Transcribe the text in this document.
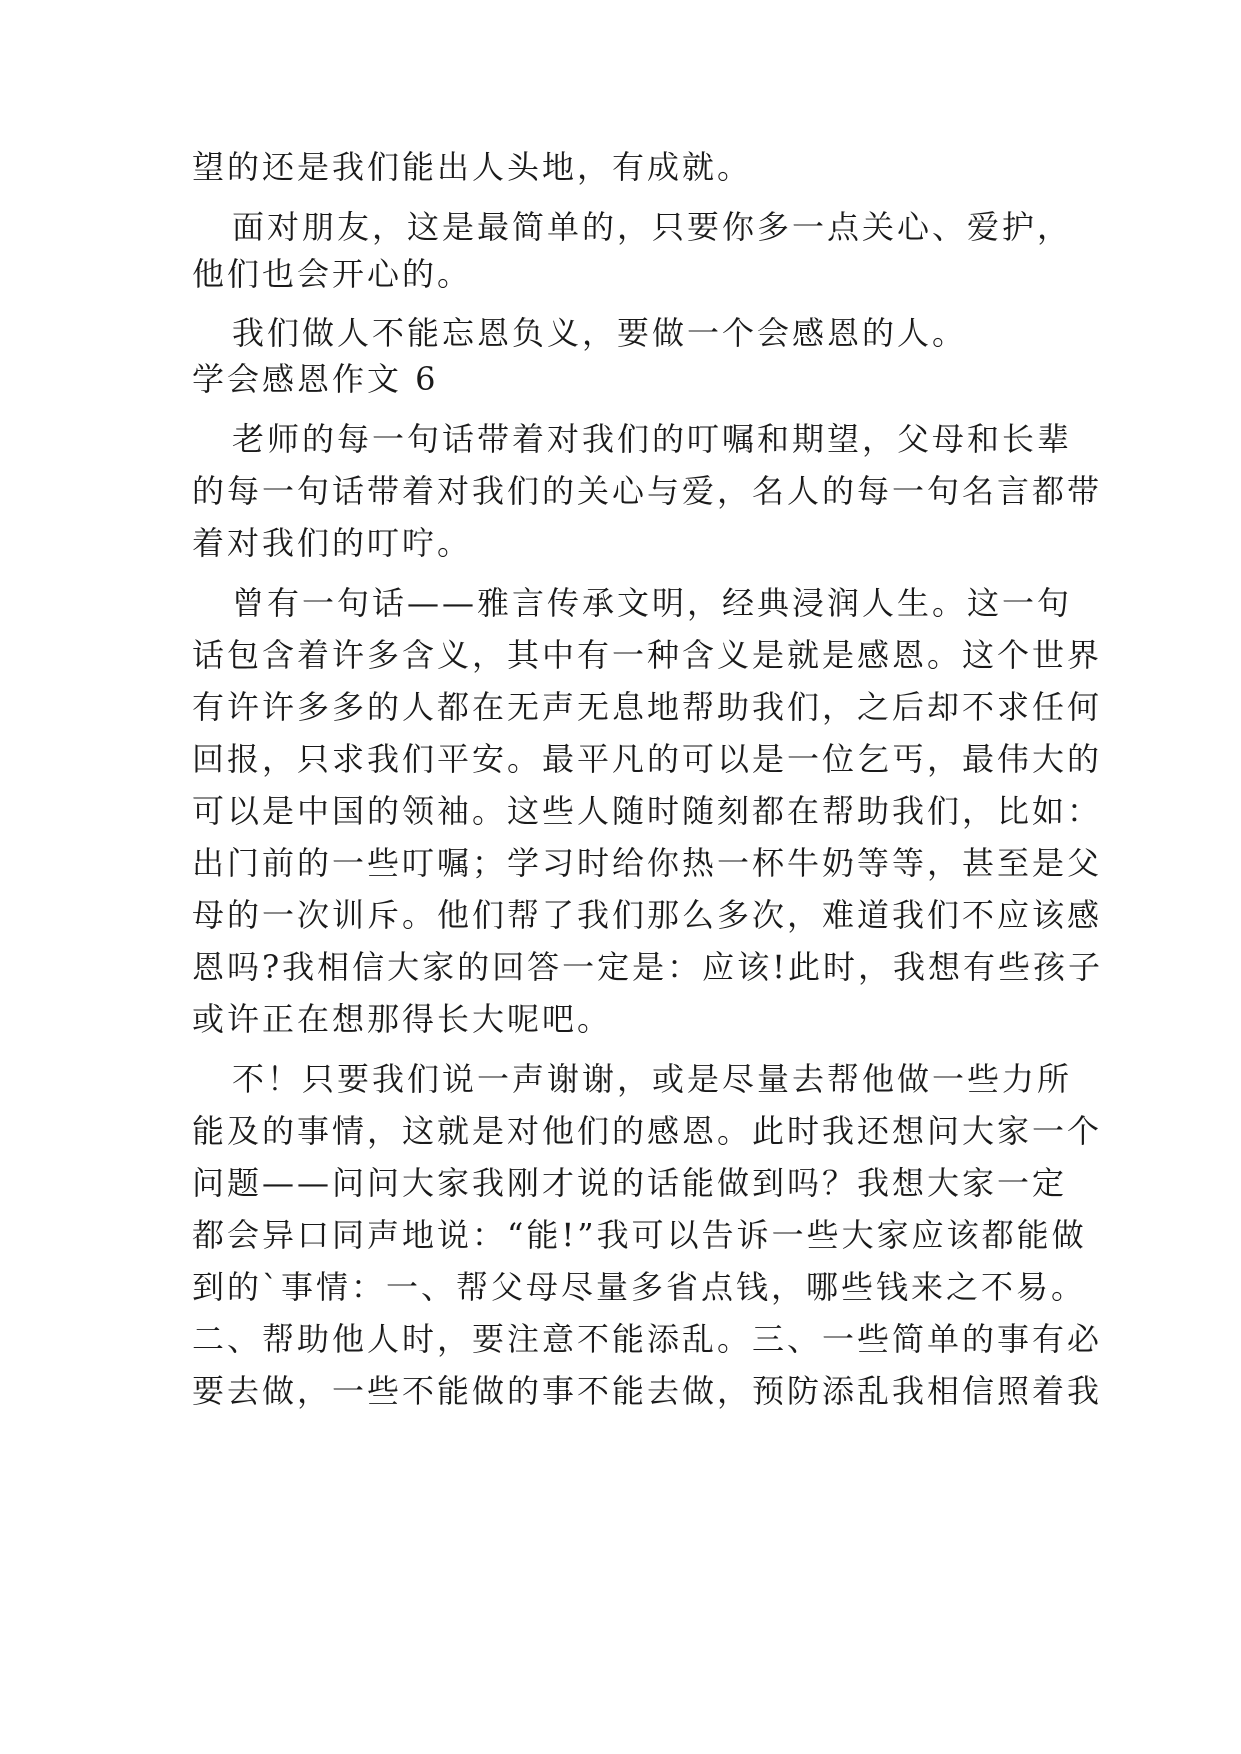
望的还是我们能出人头地，有成就。
面对朋友，这是最简单的，只要你多一点关心、爱护，
他们也会开心的。
我们做人不能忘恩负义，要做一个会感恩的人。
学会感恩作文 6
老师的每一句话带着对我们的叮嘱和期望，父母和长辈
的每一句话带着对我们的关心与爱，名人的每一句名言都带
着对我们的叮咛。
曾有一句话——雅言传承文明，经典浸润人生。这一句
话包含着许多含义，其中有一种含义是就是感恩。这个世界
有许许多多的人都在无声无息地帮助我们，之后却不求任何
回报，只求我们平安。最平凡的可以是一位乞丐，最伟大的
可以是中国的领袖。这些人随时随刻都在帮助我们，比如：
出门前的一些叮嘱；学习时给你热一杯牛奶等等，甚至是父
母的一次训斥。他们帮了我们那么多次，难道我们不应该感
恩吗?我相信大家的回答一定是：应该!此时，我想有些孩子
或许正在想那得长大呢吧。
不！只要我们说一声谢谢，或是尽量去帮他做一些力所
能及的事情，这就是对他们的感恩。此时我还想问大家一个
问题——问问大家我刚才说的话能做到吗？我想大家一定
都会异口同声地说：“能!”我可以告诉一些大家应该都能做
到的`事情：一、帮父母尽量多省点钱，哪些钱来之不易。
二、帮助他人时，要注意不能添乱。三、一些简单的事有必
要去做，一些不能做的事不能去做，预防添乱我相信照着我
